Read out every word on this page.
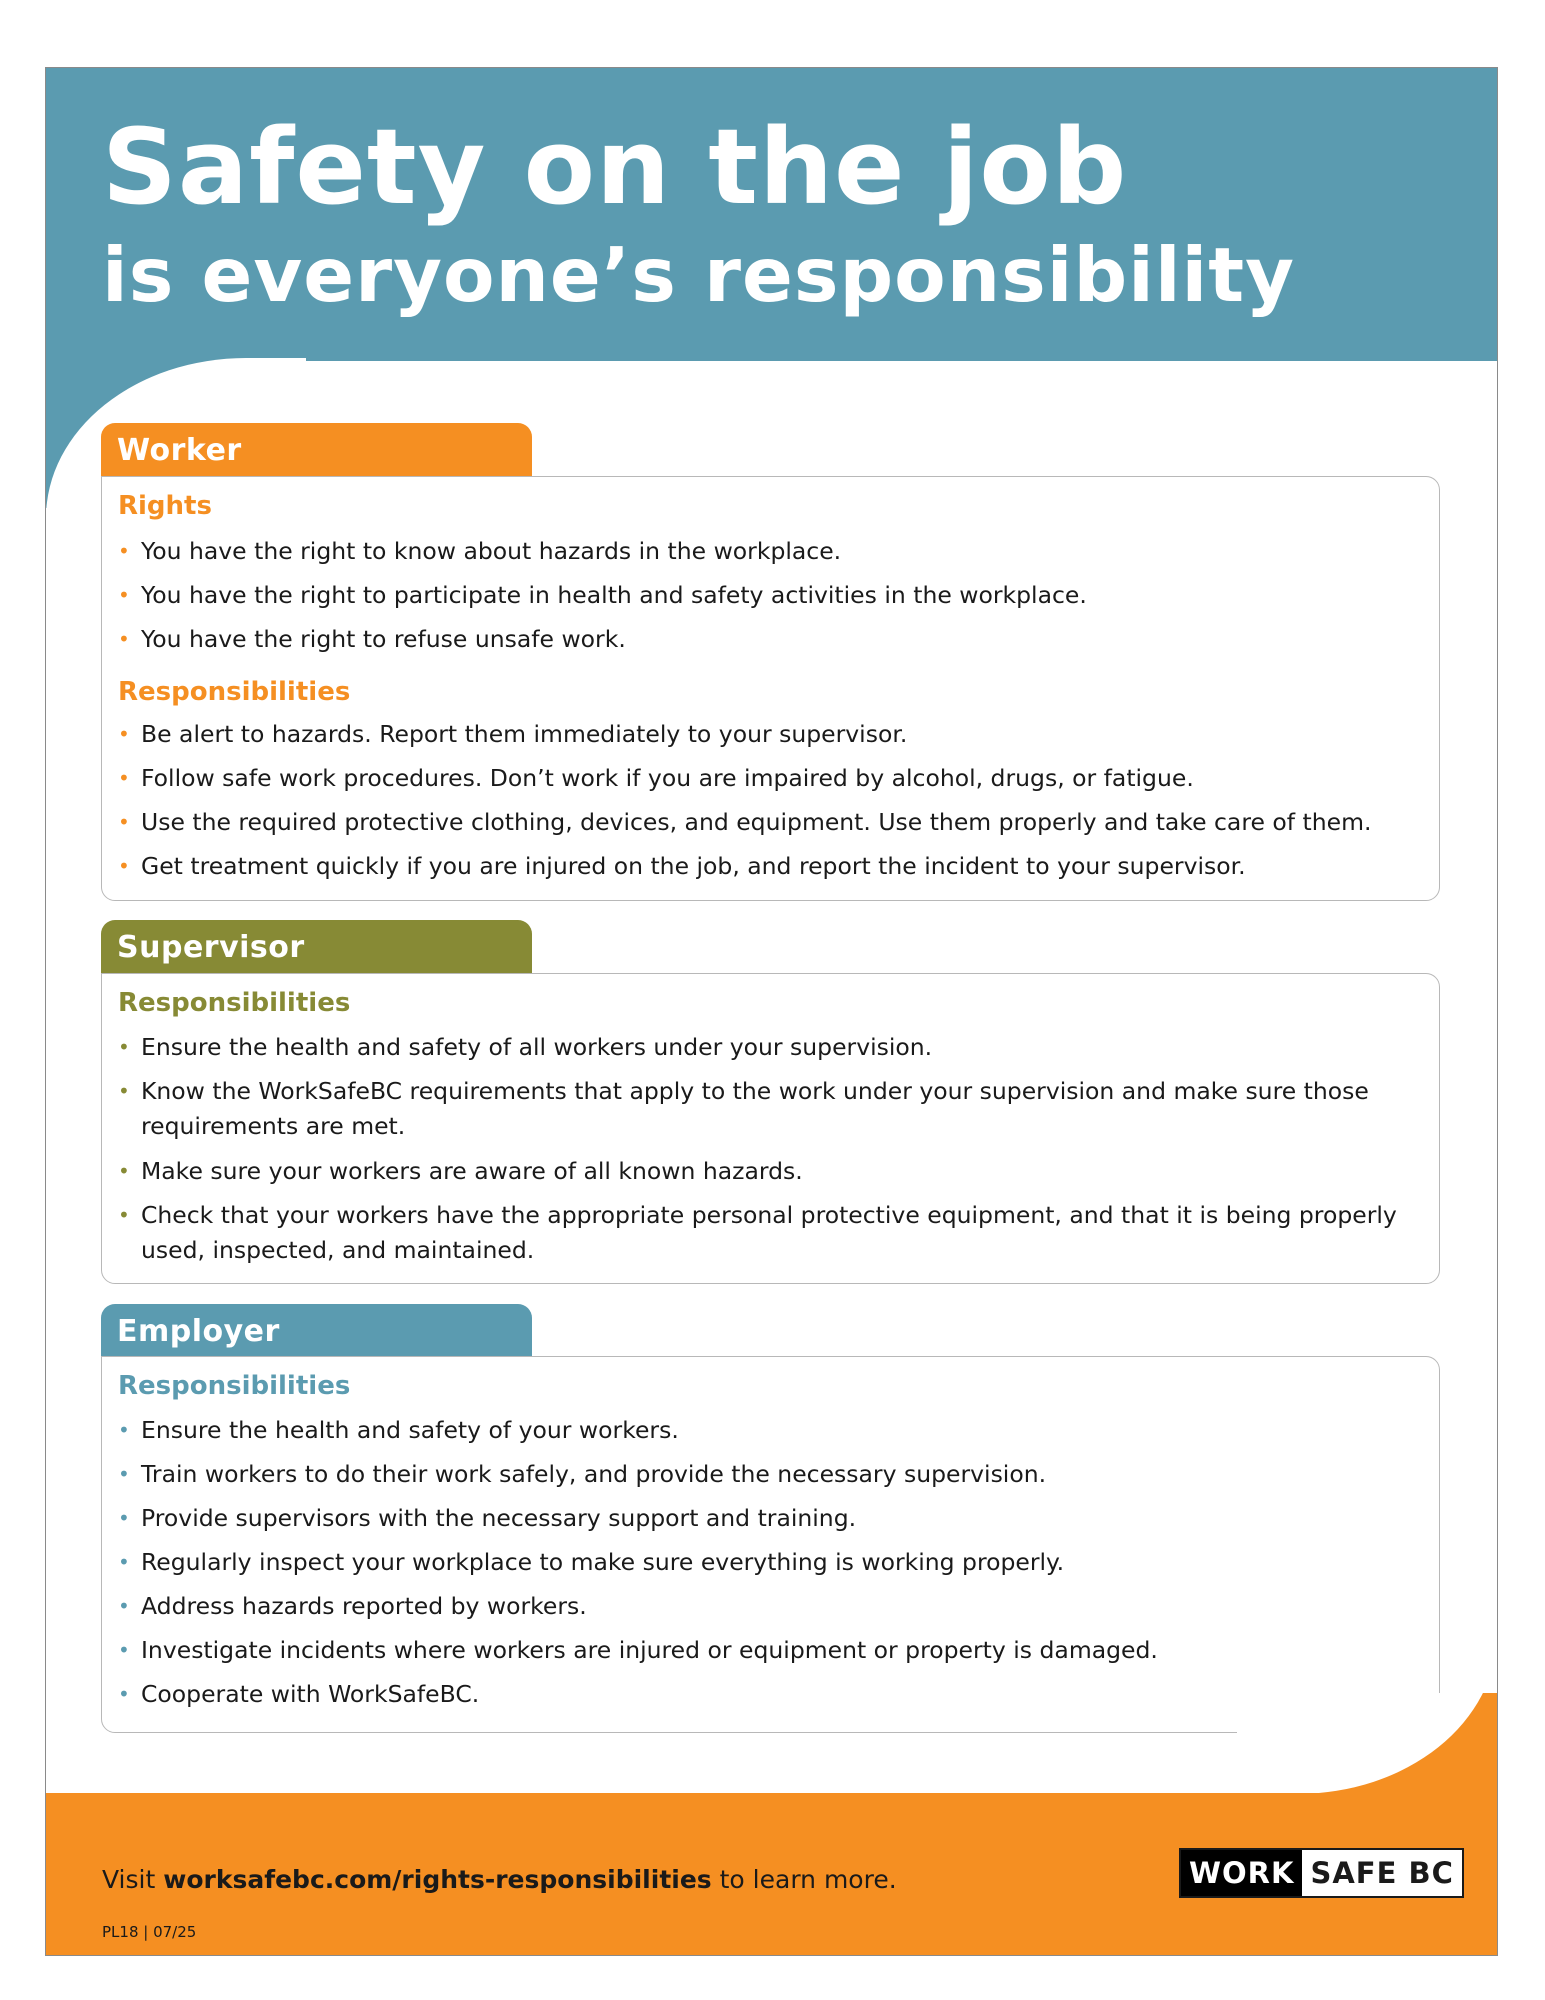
Safety on the job
is everyone’s responsibility
Worker
Rights
• You have the right to know about hazards in the workplace.

• You have the right to participate in health and safety activities in the workplace.

• You have the right to refuse unsafe work.

Responsibilities
• Be alert to hazards. Report them immediately to your supervisor.

• Follow safe work procedures. Don’t work if you are impaired by alcohol, drugs, or fatigue.

• Use the required protective clothing, devices, and equipment. Use them properly and take care of them.

• Get treatment quickly if you are injured on the job, and report the incident to your supervisor.

Supervisor
Responsibilities
• Ensure the health and safety of all workers under your supervision.

• Know the WorkSafeBC requirements that apply to the work under your supervision and make sure those requirements are met.

• Make sure your workers are aware of all known hazards.

• Check that your workers have the appropriate personal protective equipment, and that it is being properly used, inspected, and maintained.

Employer
Responsibilities
• Ensure the health and safety of your workers.

• Train workers to do their work safely, and provide the necessary supervision.

• Provide supervisors with the necessary support and training.

• Regularly inspect your workplace to make sure everything is working properly.

• Address hazards reported by workers.

• Investigate incidents where workers are injured or equipment or property is damaged.

• Cooperate with WorkSafeBC.

Visit worksafebc.com/rights-responsibilities to learn more.
PL18 | 07/25
WORK SAFE BC
